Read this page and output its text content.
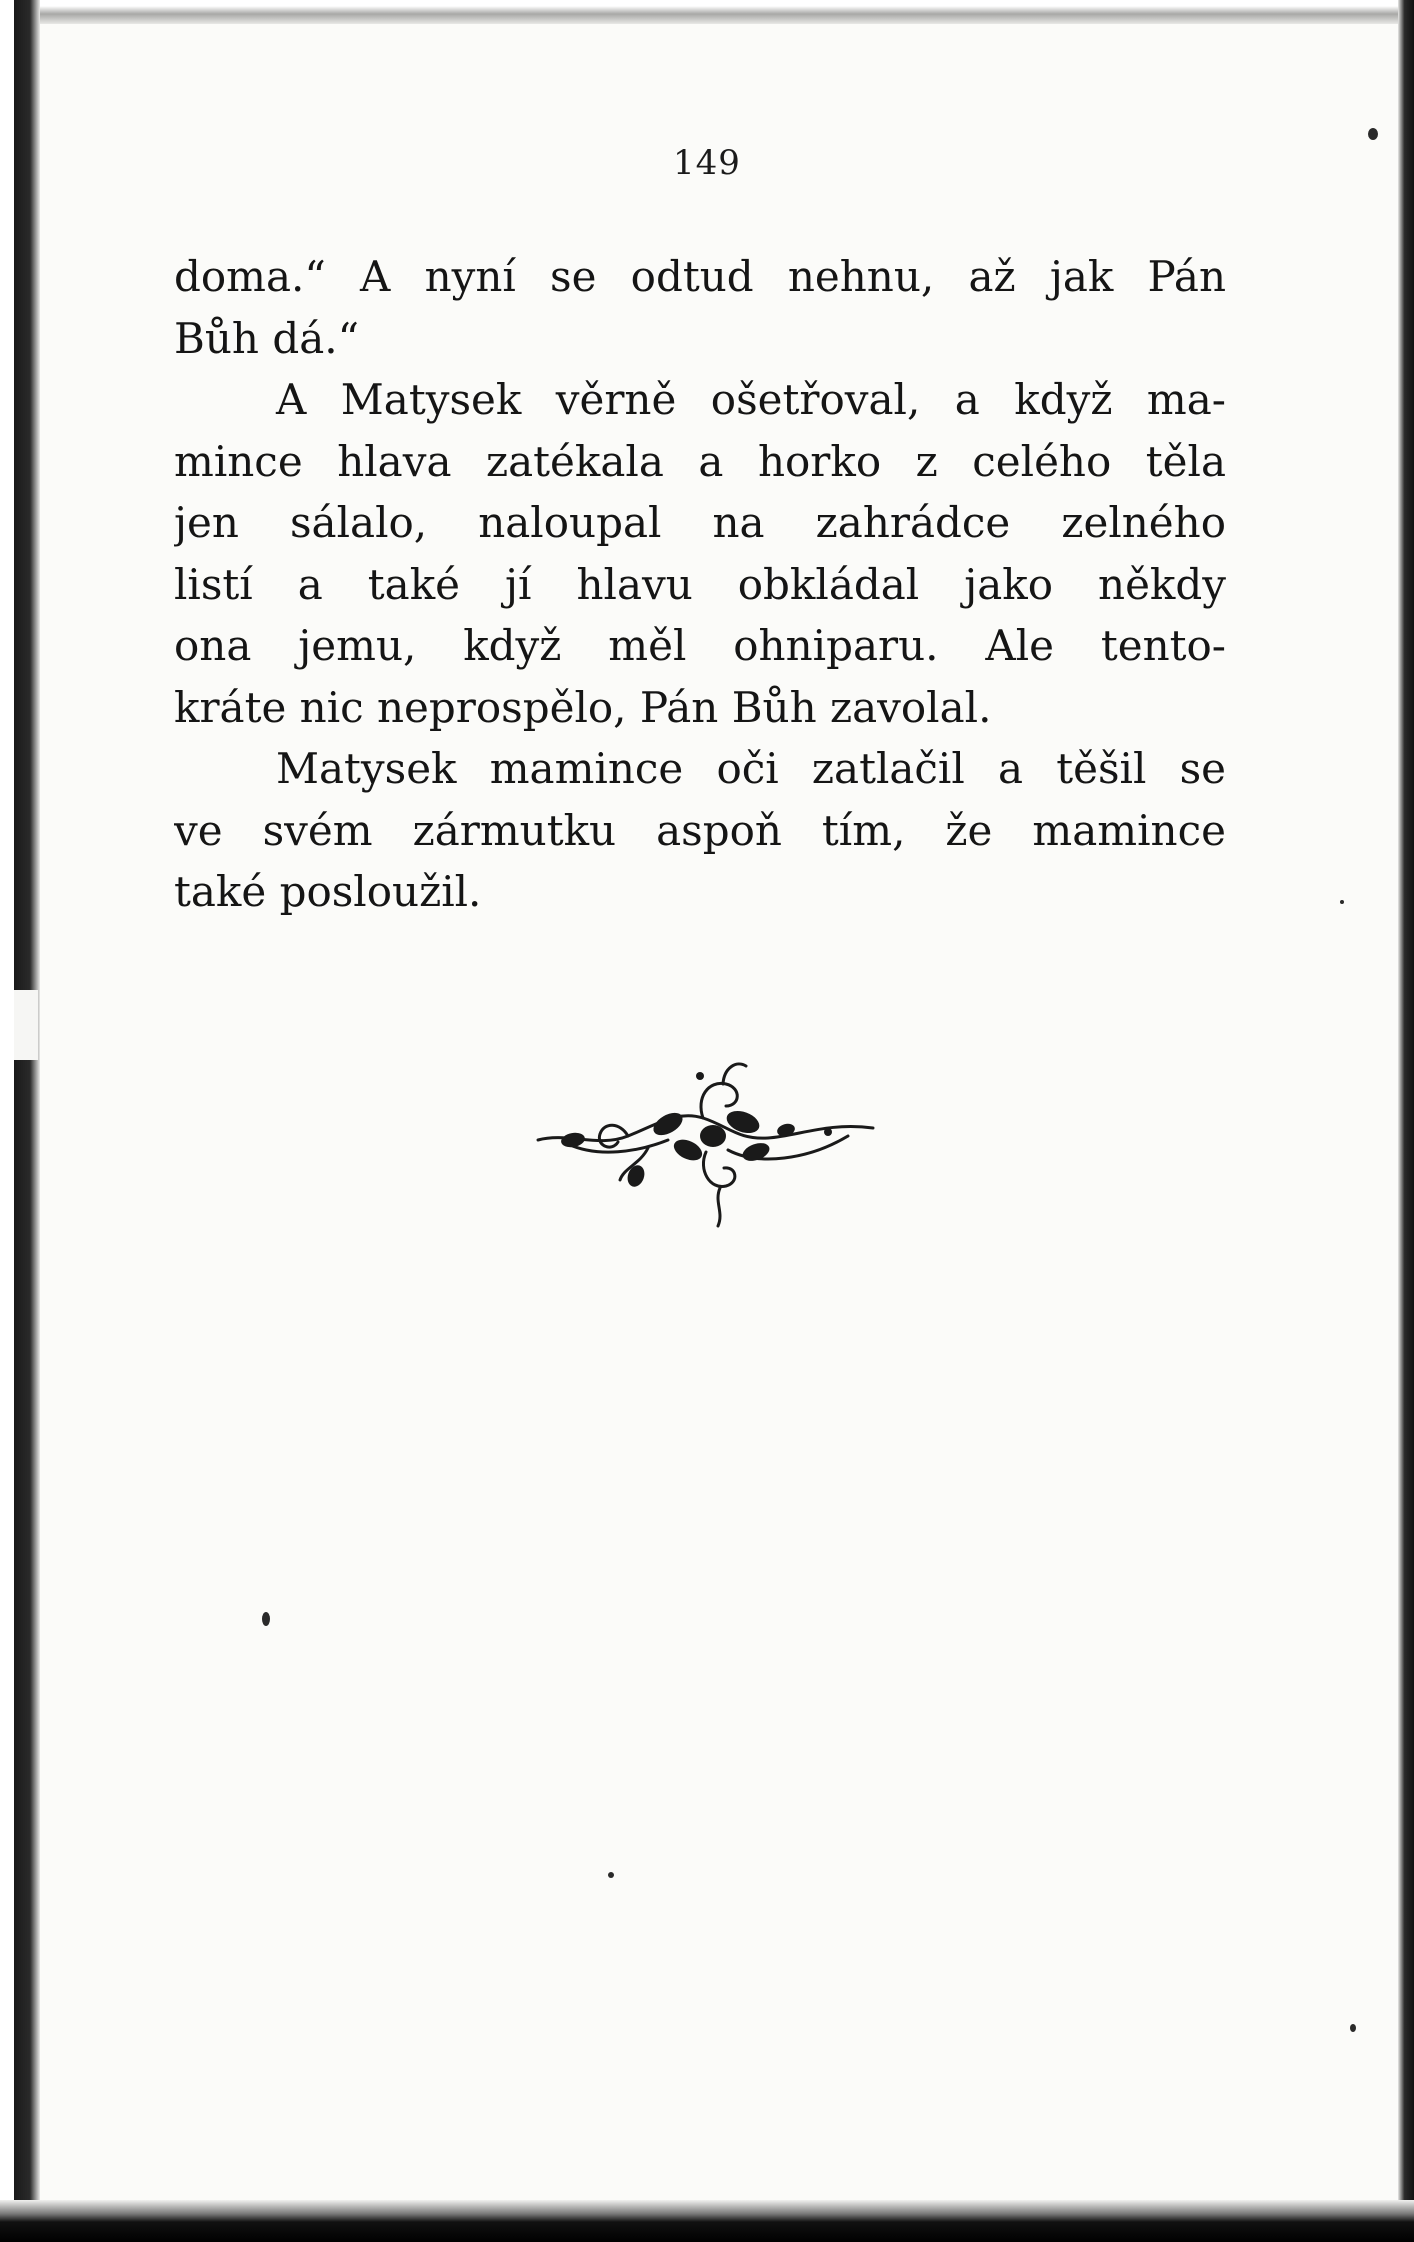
149
doma.“ A nyní se odtud nehnu, až jak Pán
Bůh dá.“
A Matysek věrně ošetřoval, a když ma-
mince hlava zatékala a horko z celého těla
jen sálalo, naloupal na zahrádce zelného
listí a také jí hlavu obkládal jako někdy
ona jemu, když měl ohniparu. Ale tento-
kráte nic neprospělo, Pán Bůh zavolal.
Matysek mamince oči zatlačil a těšil se
ve svém zármutku aspoň tím, že mamince
také posloužil.
